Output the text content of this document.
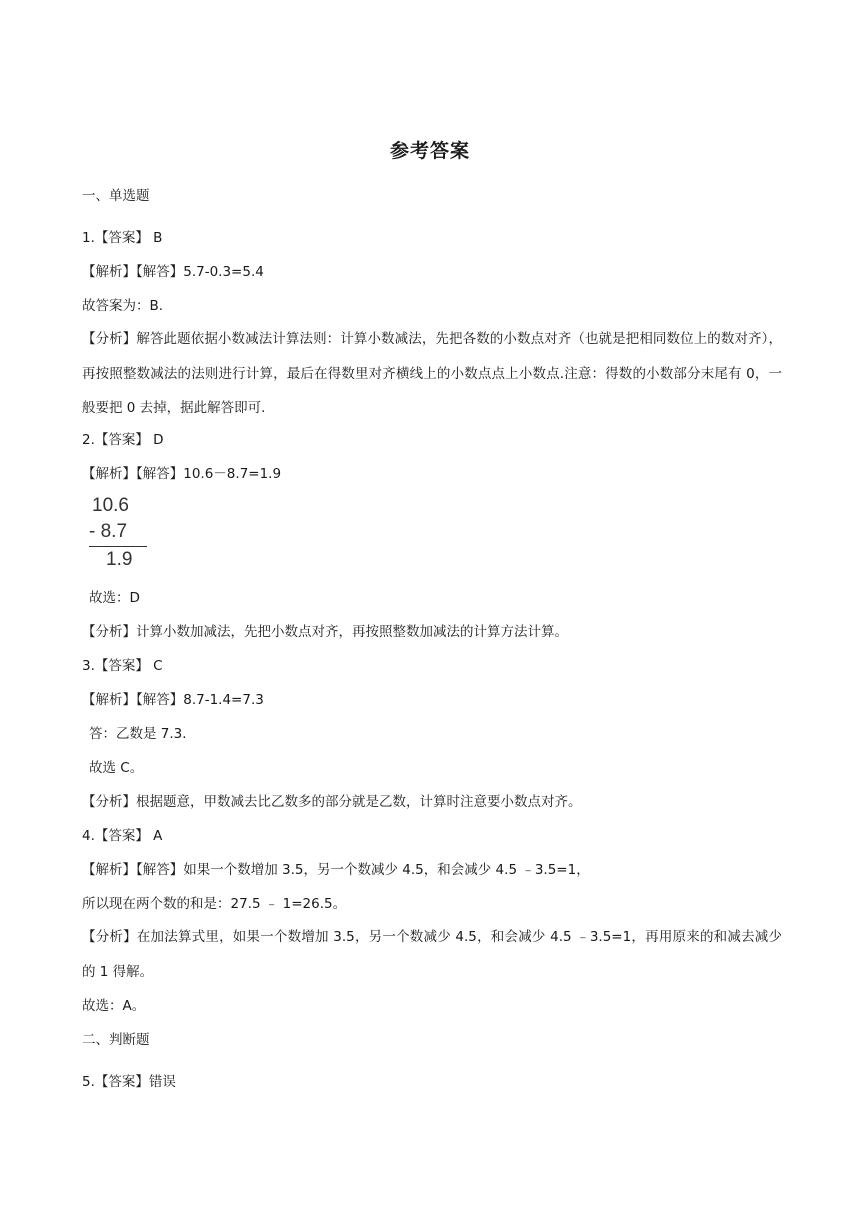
参考答案
一、单选题
1.【答案】 B
【解析】【解答】5.7-0.3=5.4
故答案为：B.
【分析】解答此题依据小数减法计算法则：计算小数减法，先把各数的小数点对齐（也就是把相同数位上的数对齐），再按照整数减法的法则进行计算，最后在得数里对齐横线上的小数点点上小数点.注意：得数的小数部分末尾有 0，一般要把 0 去掉，据此解答即可.
2.【答案】 D
【解析】【解答】10.6－8.7=1.9
10.6
- 8.7
1.9
故选：D
【分析】计算小数加减法，先把小数点对齐，再按照整数加减法的计算方法计算。
3.【答案】 C
【解析】【解答】8.7-1.4=7.3
答：乙数是 7.3.
故选 C。
【分析】根据题意，甲数减去比乙数多的部分就是乙数，计算时注意要小数点对齐。
4.【答案】 A
【解析】【解答】如果一个数增加 3.5，另一个数减少 4.5，和会减少 4.5 ﹣3.5=1，
所以现在两个数的和是：27.5 ﹣ 1=26.5。
【分析】在加法算式里，如果一个数增加 3.5，另一个数减少 4.5，和会减少 4.5 ﹣3.5=1，再用原来的和减去减少的 1 得解。
故选：A。
二、判断题
5.【答案】错误
